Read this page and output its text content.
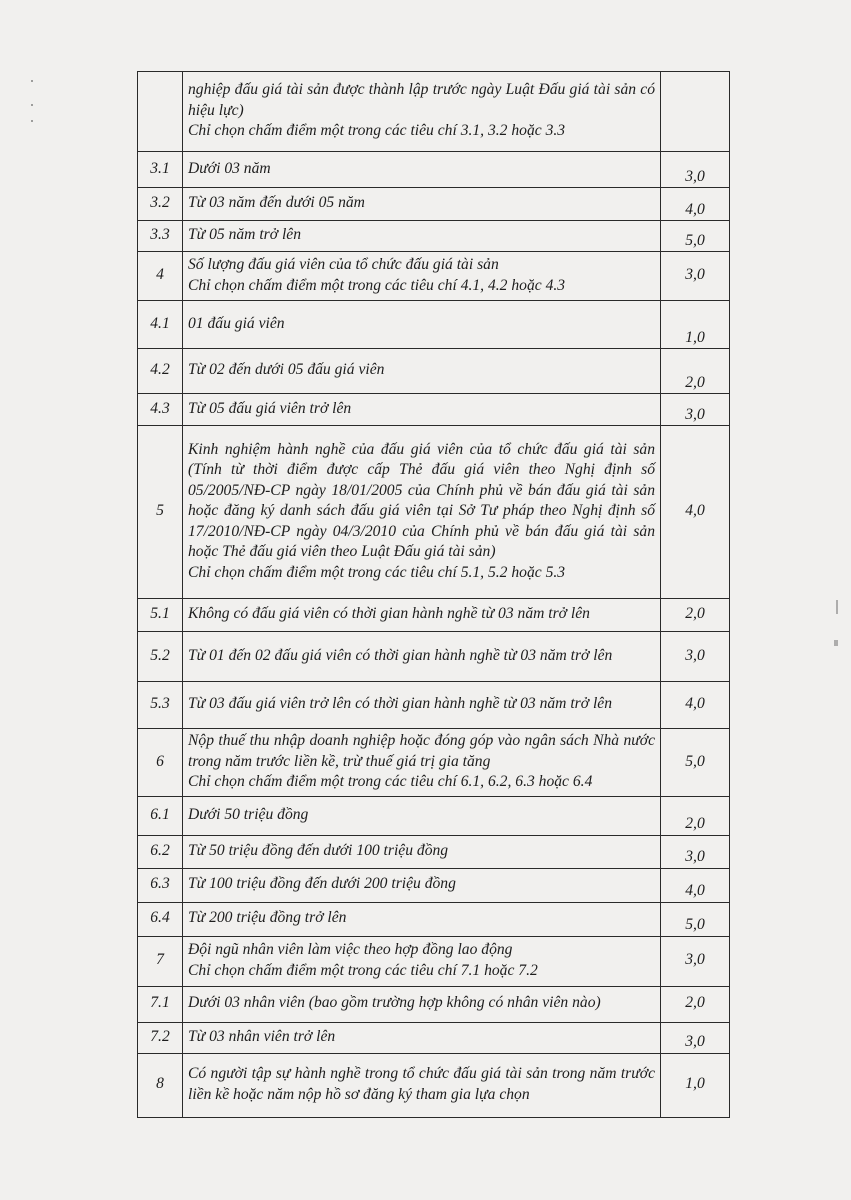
	nghiệp đấu giá tài sản được thành lập trước ngày Luật Đấu giá tài sản có hiệu lực)
Chỉ chọn chấm điểm một trong các tiêu chí 3.1, 3.2 hoặc 3.3	

3.1	Dưới 03 năm	3,0
3.2	Từ 03 năm đến dưới 05 năm	4,0
3.3	Từ 05 năm trở lên	5,0
4	Số lượng đấu giá viên của tổ chức đấu giá tài sản
Chỉ chọn chấm điểm một trong các tiêu chí 4.1, 4.2 hoặc 4.3	3,0
4.1	01 đấu giá viên	1,0
4.2	Từ 02 đến dưới 05 đấu giá viên	2,0
4.3	Từ 05 đấu giá viên trở lên	3,0
5	Kinh nghiệm hành nghề của đấu giá viên của tổ chức đấu giá tài sản (Tính từ thời điểm được cấp Thẻ đấu giá viên theo Nghị định số 05/2005/NĐ-CP ngày 18/01/2005 của Chính phủ về bán đấu giá tài sản hoặc đăng ký danh sách đấu giá viên tại Sở Tư pháp theo Nghị định số 17/2010/NĐ-CP ngày 04/3/2010 của Chính phủ về bán đấu giá tài sản hoặc Thẻ đấu giá viên theo Luật Đấu giá tài sản)
Chỉ chọn chấm điểm một trong các tiêu chí 5.1, 5.2 hoặc 5.3	4,0
5.1	Không có đấu giá viên có thời gian hành nghề từ 03 năm trở lên	2,0
5.2	Từ 01 đến 02 đấu giá viên có thời gian hành nghề từ 03 năm trở lên	3,0
5.3	Từ 03 đấu giá viên trở lên có thời gian hành nghề từ 03 năm trở lên	4,0
6	Nộp thuế thu nhập doanh nghiệp hoặc đóng góp vào ngân sách Nhà nước trong năm trước liền kề, trừ thuế giá trị gia tăng
Chỉ chọn chấm điểm một trong các tiêu chí 6.1, 6.2, 6.3 hoặc 6.4	5,0
6.1	Dưới 50 triệu đồng	2,0
6.2	Từ 50 triệu đồng đến dưới 100 triệu đồng	3,0
6.3	Từ 100 triệu đồng đến dưới 200 triệu đồng	4,0
6.4	Từ 200 triệu đồng trở lên	5,0
7	Đội ngũ nhân viên làm việc theo hợp đồng lao động
Chỉ chọn chấm điểm một trong các tiêu chí 7.1 hoặc 7.2	3,0
7.1	Dưới 03 nhân viên (bao gồm trường hợp không có nhân viên nào)	2,0
7.2	Từ 03 nhân viên trở lên	3,0
8	Có người tập sự hành nghề trong tổ chức đấu giá tài sản trong năm trước liền kề hoặc năm nộp hồ sơ đăng ký tham gia lựa chọn	1,0
